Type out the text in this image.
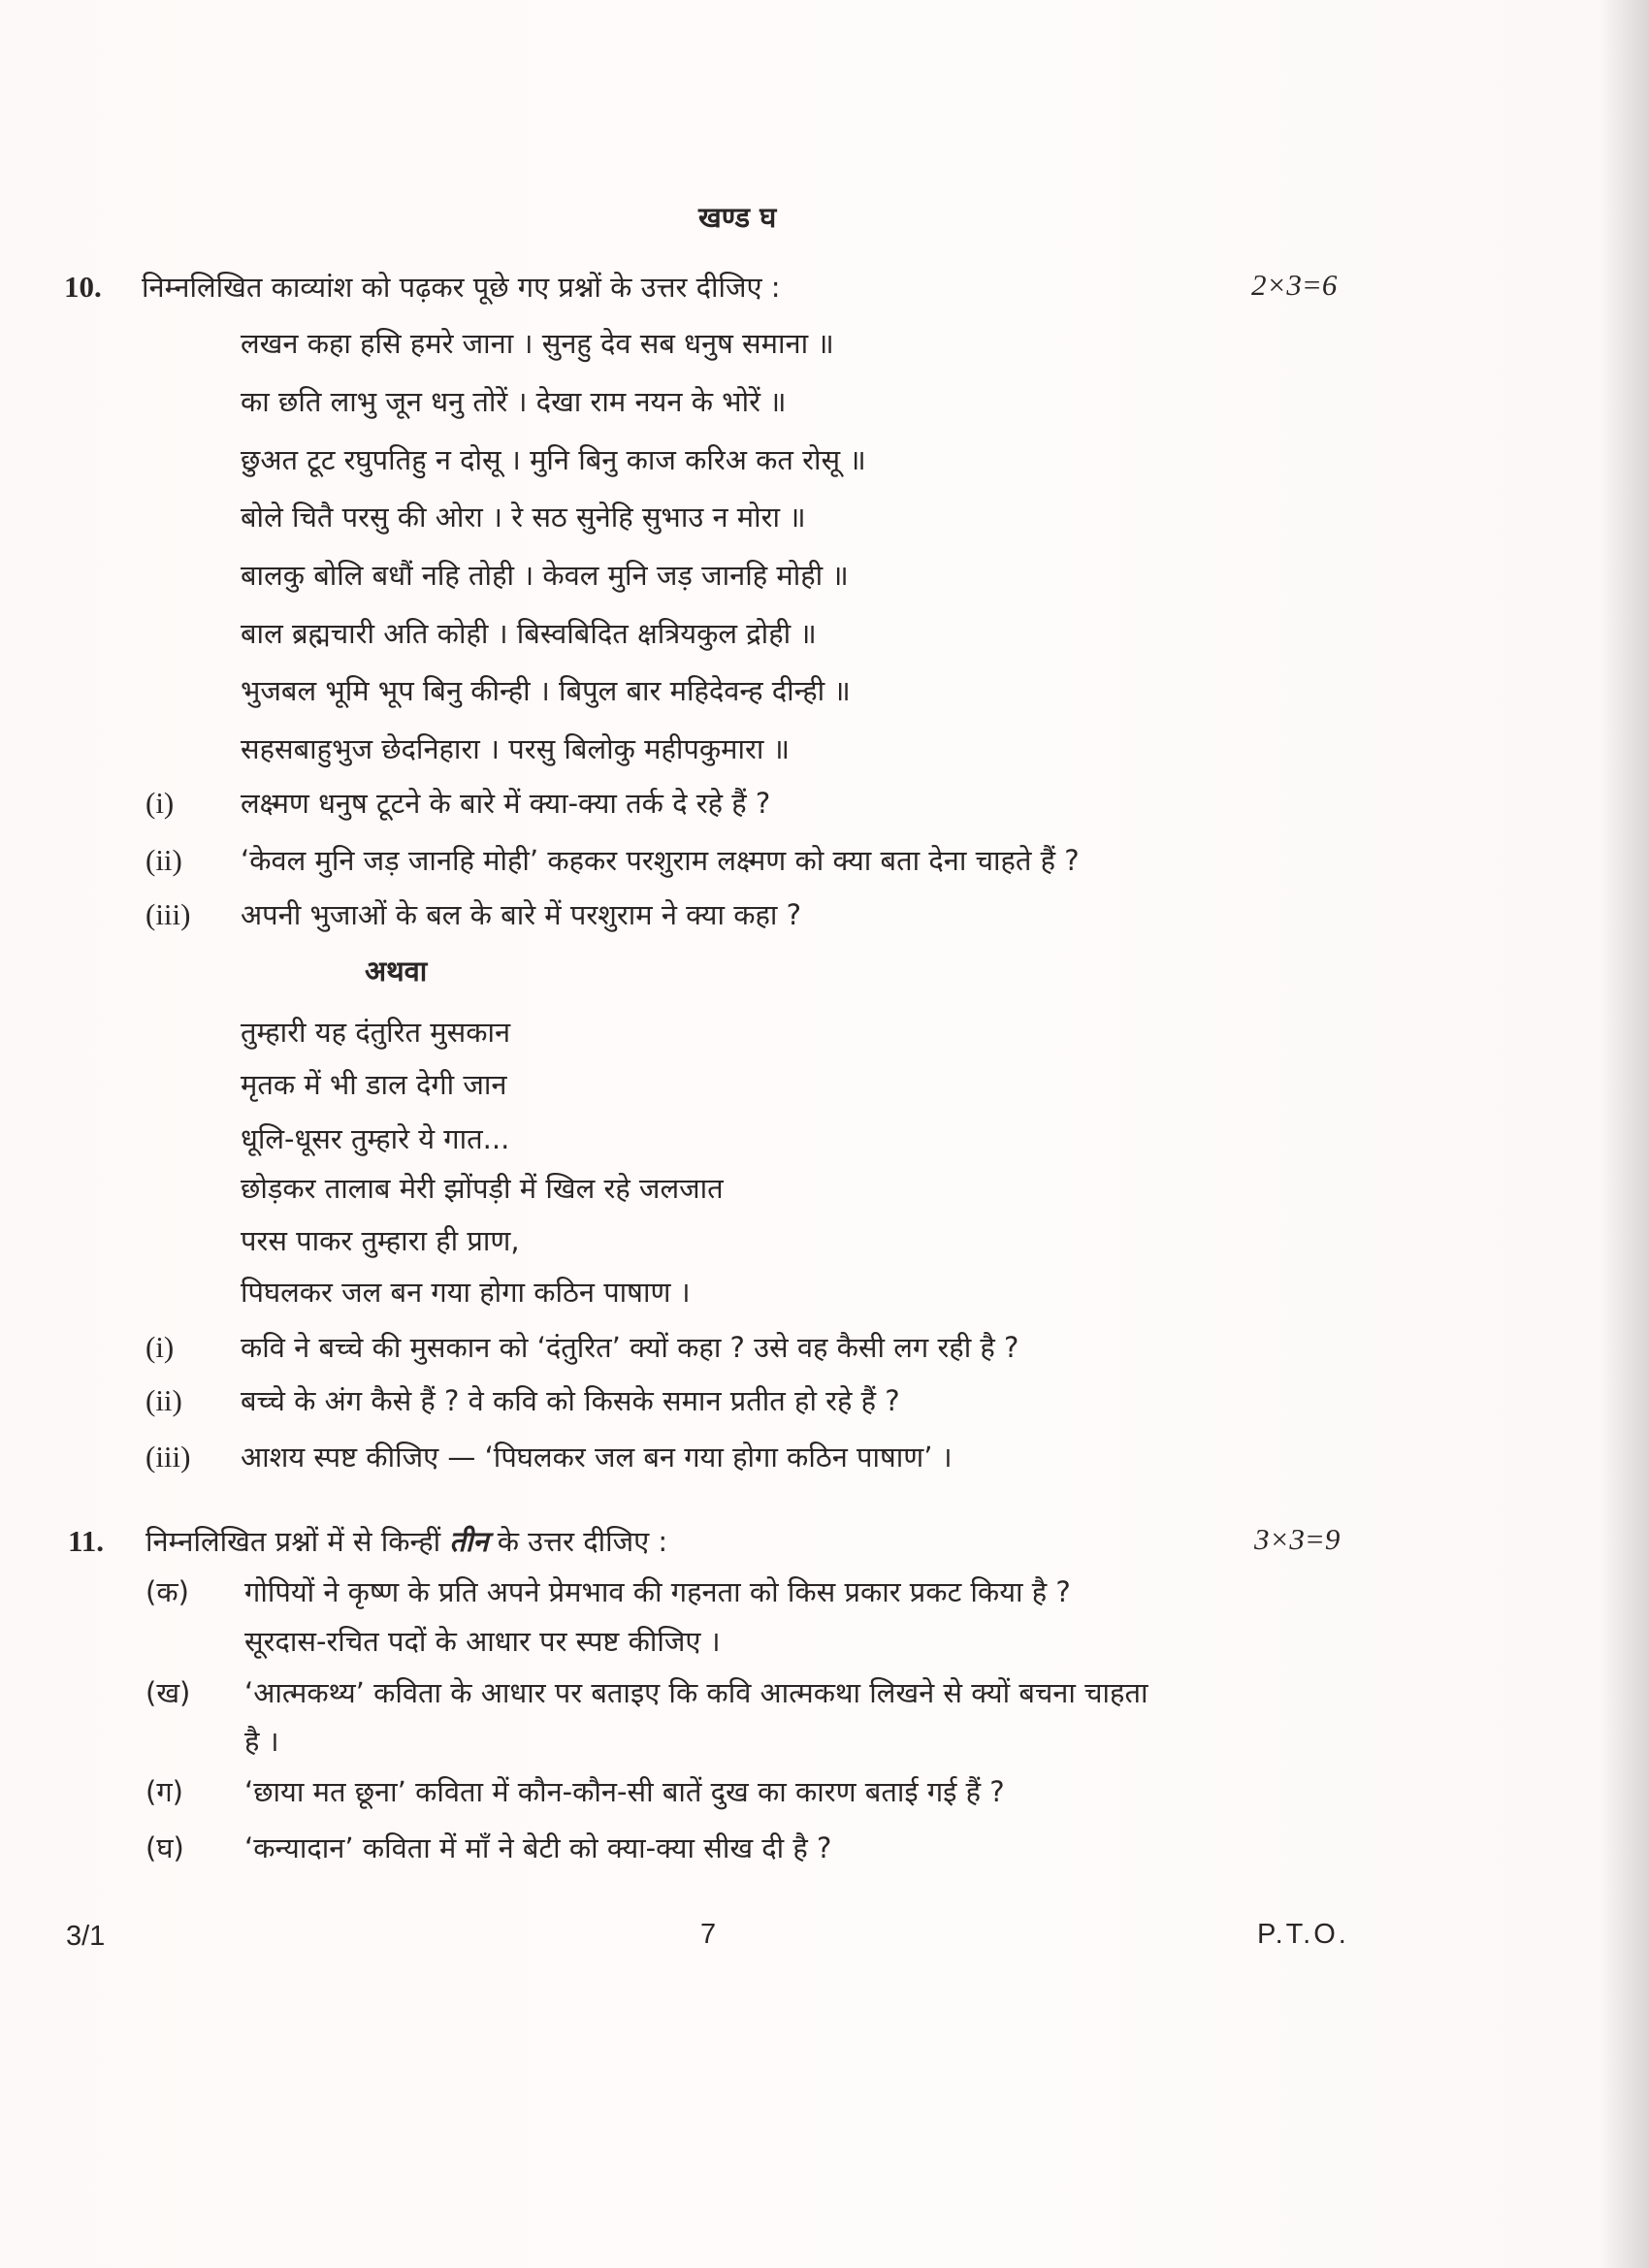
खण्ड घ
10. निम्नलिखित काव्यांश को पढ़कर पूछे गए प्रश्नों के उत्तर दीजिए :	2×3=6
लखन कहा हसि हमरे जाना । सुनहु देव सब धनुष समाना ॥
का छति लाभु जून धनु तोरें । देखा राम नयन के भोरें ॥
छुअत टूट रघुपतिहु न दोसू । मुनि बिनु काज करिअ कत रोसू ॥
बोले चितै परसु की ओरा । रे सठ सुनेहि सुभाउ न मोरा ॥
बालकु बोलि बधौं नहि तोही । केवल मुनि जड़ जानहि मोही ॥
बाल ब्रह्मचारी अति कोही । बिस्वबिदित क्षत्रियकुल द्रोही ॥
भुजबल भूमि भूप बिनु कीन्ही । बिपुल बार महिदेवन्ह दीन्ही ॥
सहसबाहुभुज छेदनिहारा । परसु बिलोकु महीपकुमारा ॥
(i) लक्ष्मण धनुष टूटने के बारे में क्या-क्या तर्क दे रहे हैं ?
(ii) ‘केवल मुनि जड़ जानहि मोही’ कहकर परशुराम लक्ष्मण को क्या बता देना चाहते हैं ?
(iii) अपनी भुजाओं के बल के बारे में परशुराम ने क्या कहा ?
अथवा
तुम्हारी यह दंतुरित मुसकान
मृतक में भी डाल देगी जान
धूलि-धूसर तुम्हारे ये गात...
छोड़कर तालाब मेरी झोंपड़ी में खिल रहे जलजात
परस पाकर तुम्हारा ही प्राण,
पिघलकर जल बन गया होगा कठिन पाषाण ।
(i) कवि ने बच्चे की मुसकान को ‘दंतुरित’ क्यों कहा ? उसे वह कैसी लग रही है ?
(ii) बच्चे के अंग कैसे हैं ? वे कवि को किसके समान प्रतीत हो रहे हैं ?
(iii) आशय स्पष्ट कीजिए — ‘पिघलकर जल बन गया होगा कठिन पाषाण’ ।
11. निम्नलिखित प्रश्नों में से किन्हीं तीन के उत्तर दीजिए :	3×3=9
(क) गोपियों ने कृष्ण के प्रति अपने प्रेमभाव की गहनता को किस प्रकार प्रकट किया है ?
सूरदास-रचित पदों के आधार पर स्पष्ट कीजिए ।
(ख) ‘आत्मकथ्य’ कविता के आधार पर बताइए कि कवि आत्मकथा लिखने से क्यों बचना चाहता
है ।
(ग) ‘छाया मत छूना’ कविता में कौन-कौन-सी बातें दुख का कारण बताई गई हैं ?
(घ) ‘कन्यादान’ कविता में माँ ने बेटी को क्या-क्या सीख दी है ?
3/1	7	P.T.O.
